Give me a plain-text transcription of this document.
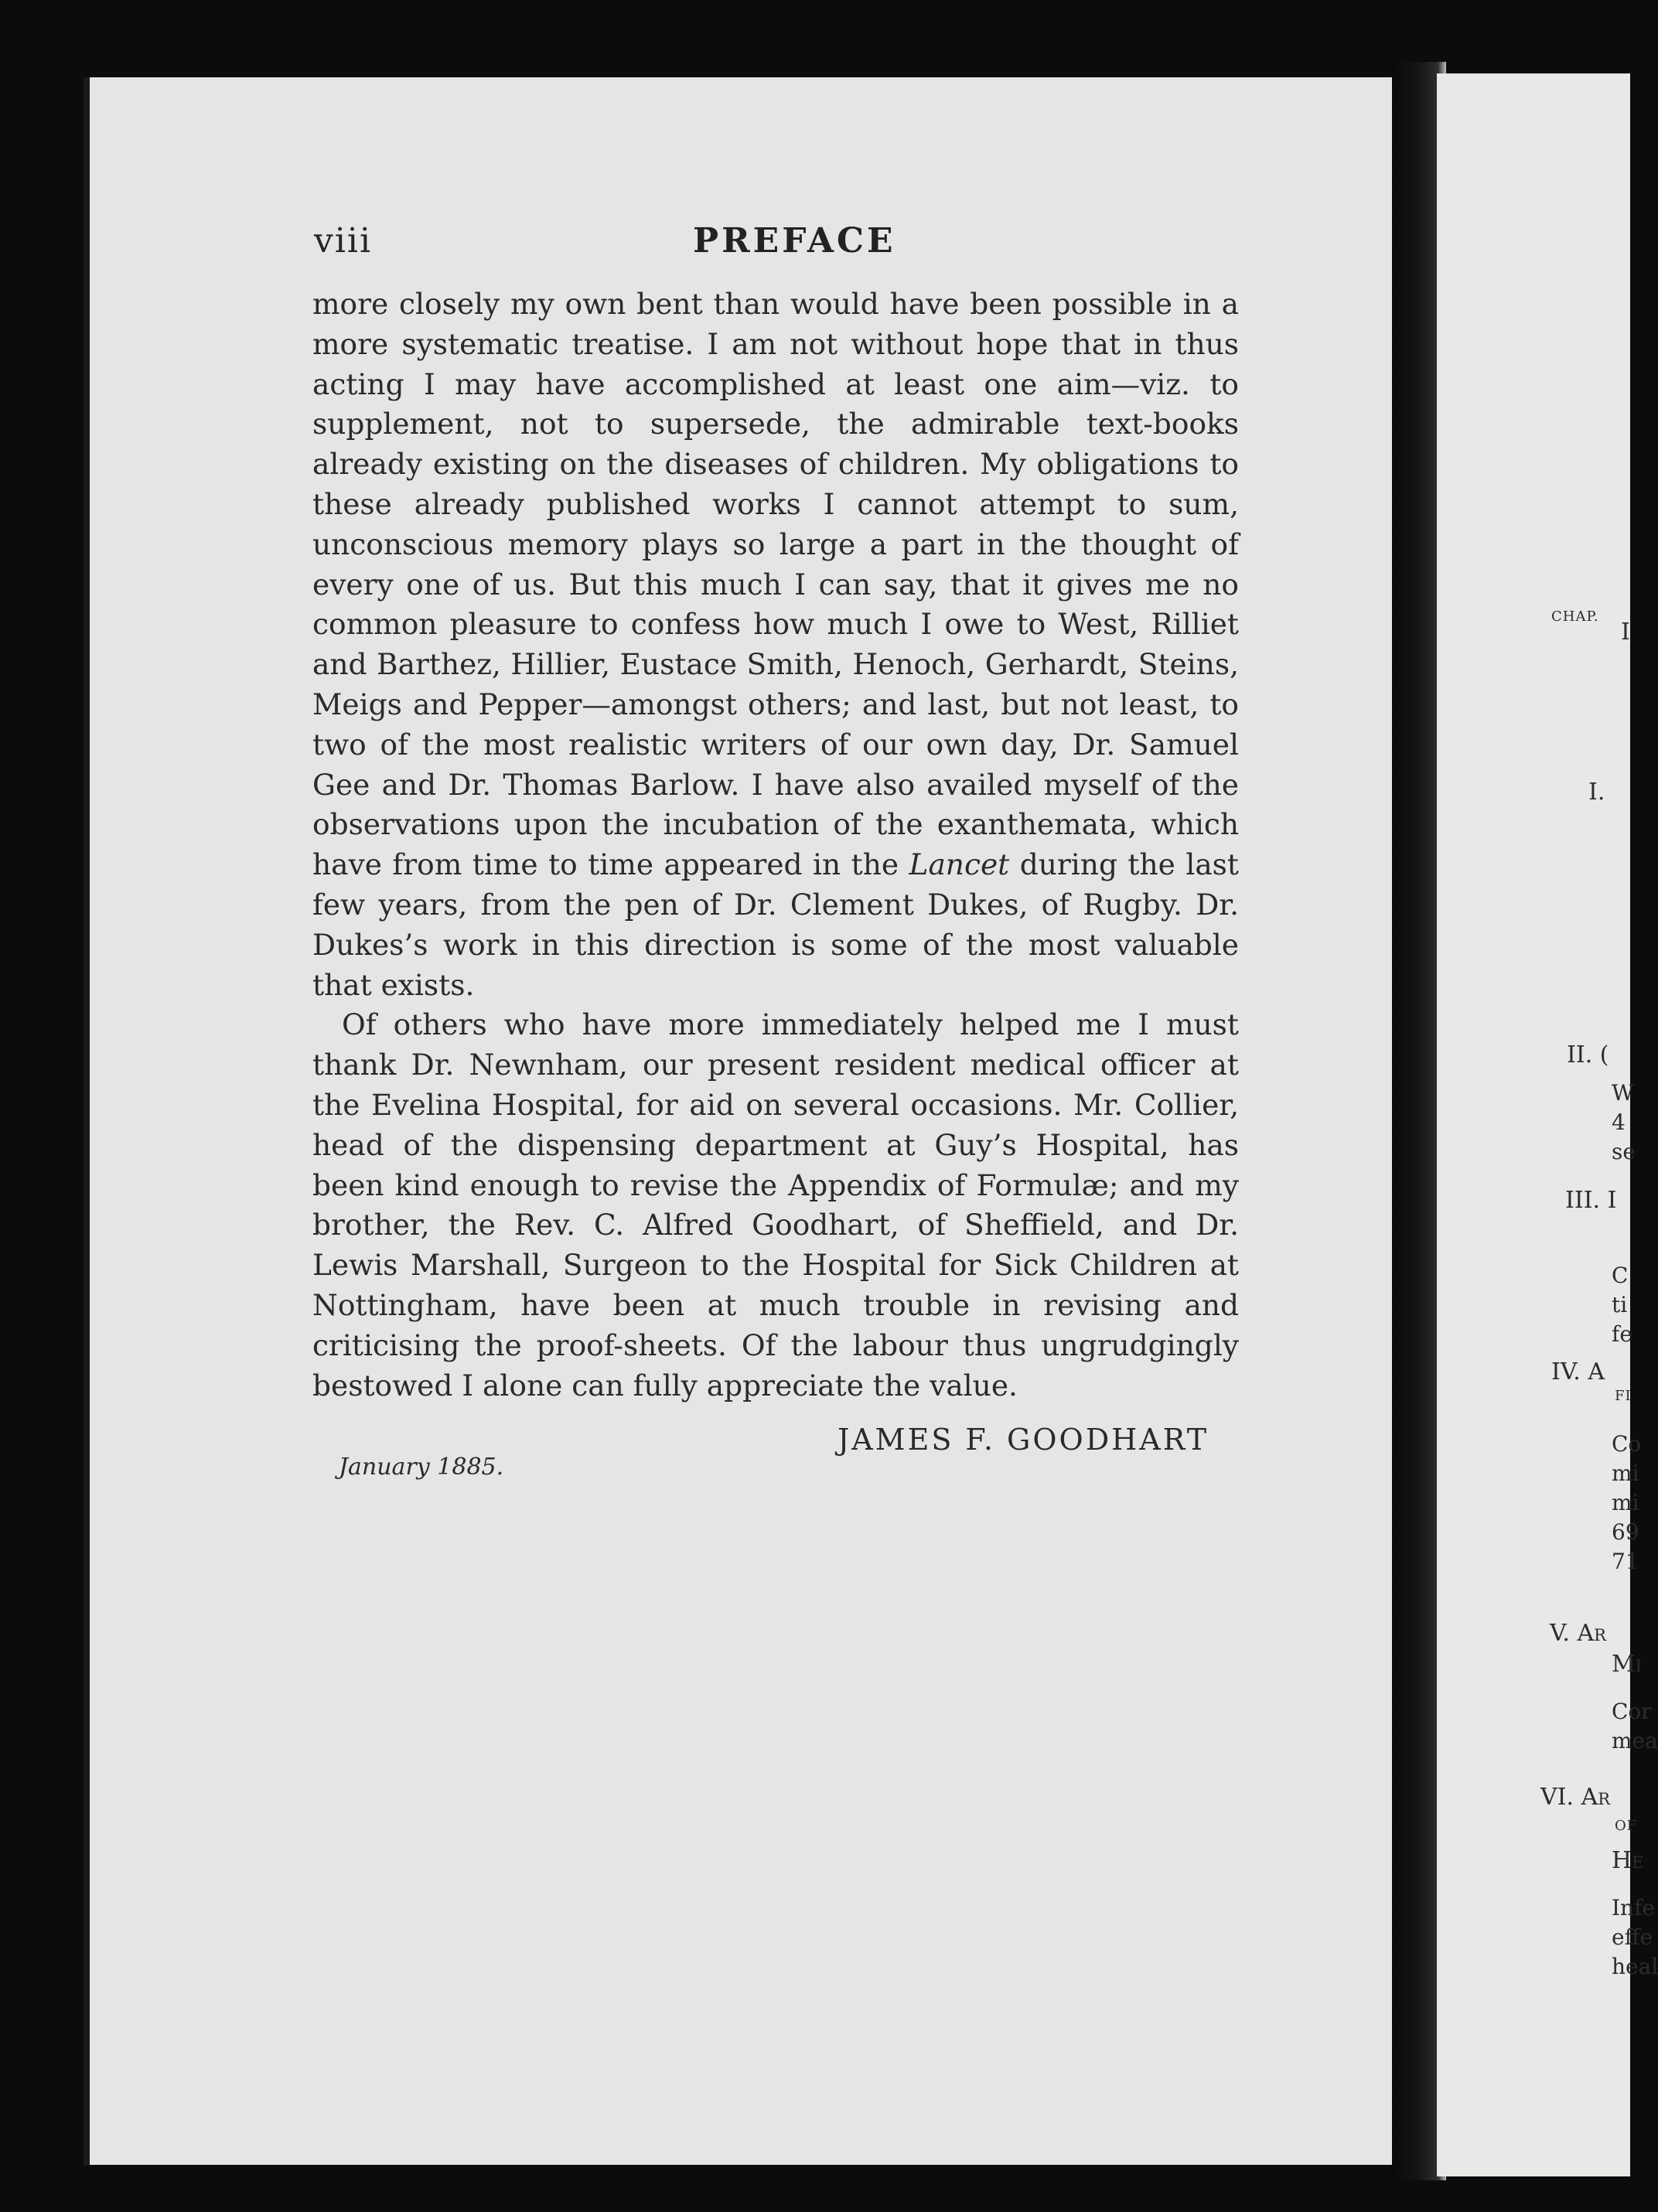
CHAP.
I
I.
II. (
W
4
se
III. I
C
ti
fe
IV. A
FI
Co
mi
mi
69
71
V. Ar
Mi
Cor
mea
VI. Ar
OF
He
Infe
effe
heal
viii	PREFACE

more closely my own bent than would have been possible in a more systematic treatise. I am not without hope that in thus acting I may have accomplished at least one aim—viz. to supplement, not to supersede, the admirable text-books already existing on the diseases of children. My obligations to these already published works I cannot attempt to sum, unconscious memory plays so large a part in the thought of every one of us. But this much I can say, that it gives me no common pleasure to confess how much I owe to West, Rilliet and Barthez, Hillier, Eustace Smith, Henoch, Gerhardt, Steins, Meigs and Pepper—amongst others; and last, but not least, to two of the most realistic writers of our own day, Dr. Samuel Gee and Dr. Thomas Barlow. I have also availed myself of the observations upon the incubation of the exanthemata, which have from time to time appeared in the Lancet during the last few years, from the pen of Dr. Clement Dukes, of Rugby. Dr. Dukes’s work in this direction is some of the most valuable that exists.

Of others who have more immediately helped me I must thank Dr. Newnham, our present resident medical officer at the Evelina Hospital, for aid on several occasions. Mr. Collier, head of the dispensing department at Guy’s Hospital, has been kind enough to revise the Appendix of Formulæ; and my brother, the Rev. C. Alfred Goodhart, of Sheffield, and Dr. Lewis Marshall, Surgeon to the Hospital for Sick Children at Nottingham, have been at much trouble in revising and criticising the proof-sheets. Of the labour thus ungrudgingly bestowed I alone can fully appreciate the value.

JAMES F. GOODHART
January 1885.
